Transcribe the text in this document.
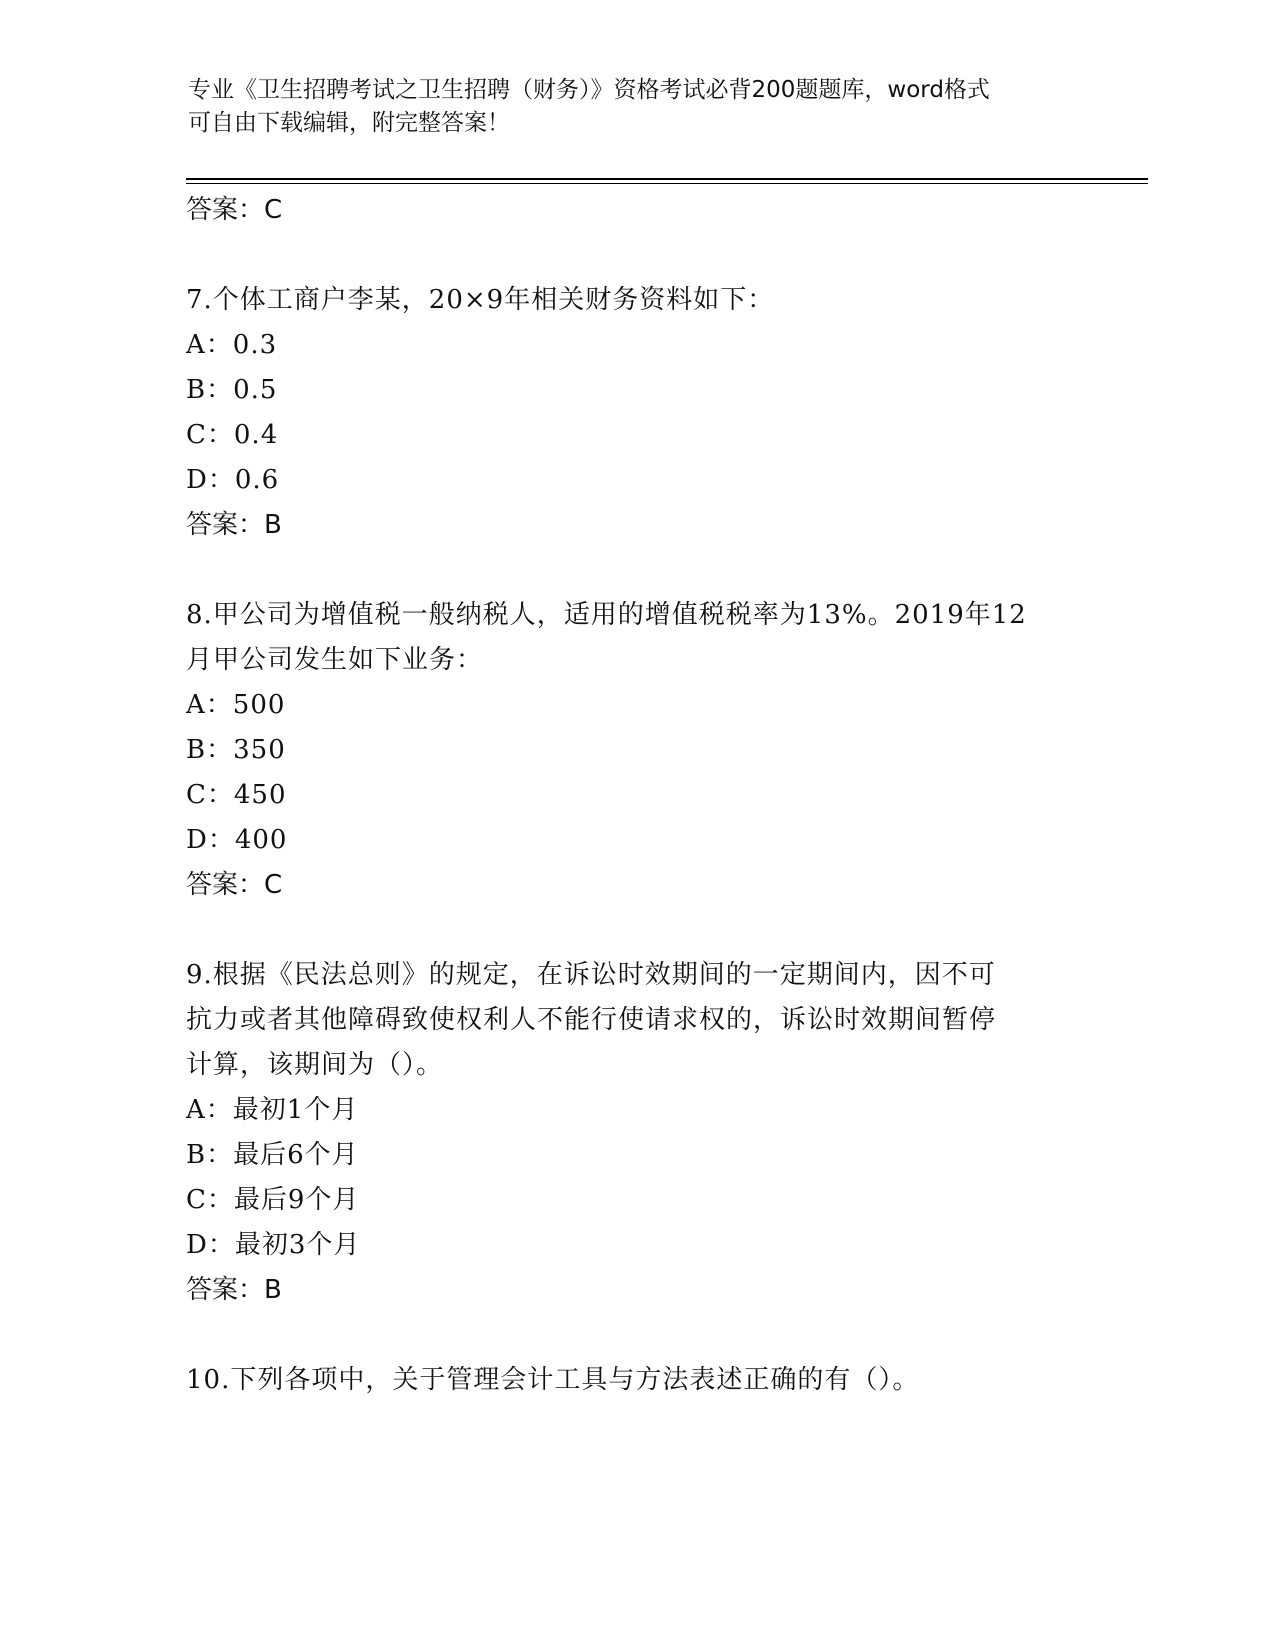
专业《卫生招聘考试之卫生招聘（财务）》资格考试必背200题题库，word格式
可自由下载编辑，附完整答案！
答案：C
7.个体工商户李某，20×9年相关财务资料如下：
A：0.3
B：0.5
C：0.4
D：0.6
答案：B
8.甲公司为增值税一般纳税人，适用的增值税税率为13%。2019年12
月甲公司发生如下业务：
A：500
B：350
C：450
D：400
答案：C
9.根据《民法总则》的规定，在诉讼时效期间的一定期间内，因不可
抗力或者其他障碍致使权利人不能行使请求权的，诉讼时效期间暂停
计算，该期间为（）。
A：最初1个月
B：最后6个月
C：最后9个月
D：最初3个月
答案：B
10.下列各项中，关于管理会计工具与方法表述正确的有（）。
